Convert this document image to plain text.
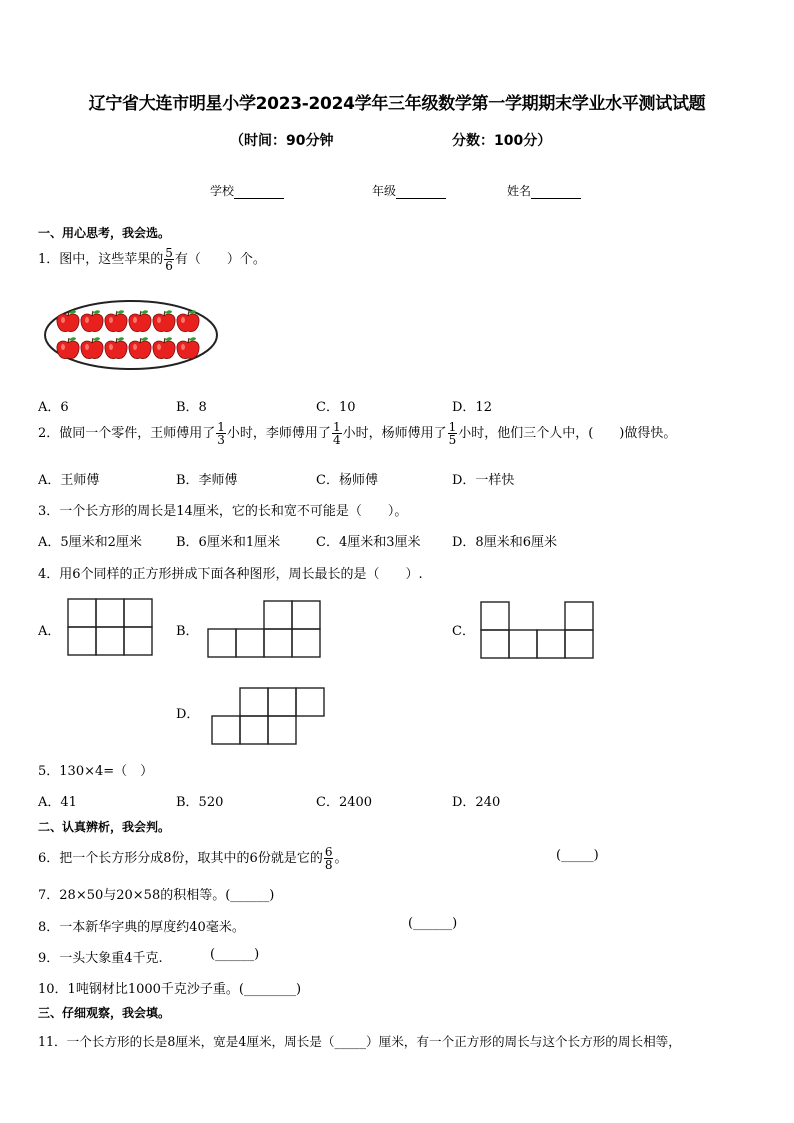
辽宁省大连市明星小学2023-2024学年三年级数学第一学期期末学业水平测试试题
（时间：90分钟	分数：100分）
学校	年级	姓名
一、用心思考，我会选。
1．图中，这些苹果的 $\frac{5}{6}$ 有（　　）个。
A．6	B．8	C．10	D．12
2．做同一个零件，王师傅用了 $\frac{1}{3}$ 小时，李师傅用了 $\frac{1}{4}$ 小时，杨师傅用了 $\frac{1}{5}$ 小时，他们三个人中，(　　)做得快。
A．王师傅	B．李师傅	C．杨师傅	D．一样快
3．一个长方形的周长是14厘米，它的长和宽不可能是（　　）。
A．5厘米和2厘米	B．6厘米和1厘米	C．4厘米和3厘米 D．8厘米和6厘米
4．用6个同样的正方形拼成下面各种图形，周长最长的是（　　）.
A．	B．	C．
D．
5．130×4=（　）
A．41	B．520	C．2400	D．240
二、认真辨析，我会判。
6．把一个长方形分成8份，取其中的6份就是它的 $\frac{6}{8}$ 。	(_____)
7．28×50与20×58的积相等。(______)
8．一本新华字典的厚度约40毫米。	(______)
9．一头大象重4千克.	(______)
10．1吨钢材比1000千克沙子重。(________)
三、仔细观察，我会填。
11．一个长方形的长是8厘米，宽是4厘米，周长是（_____）厘米，有一个正方形的周长与这个长方形的周长相等，
